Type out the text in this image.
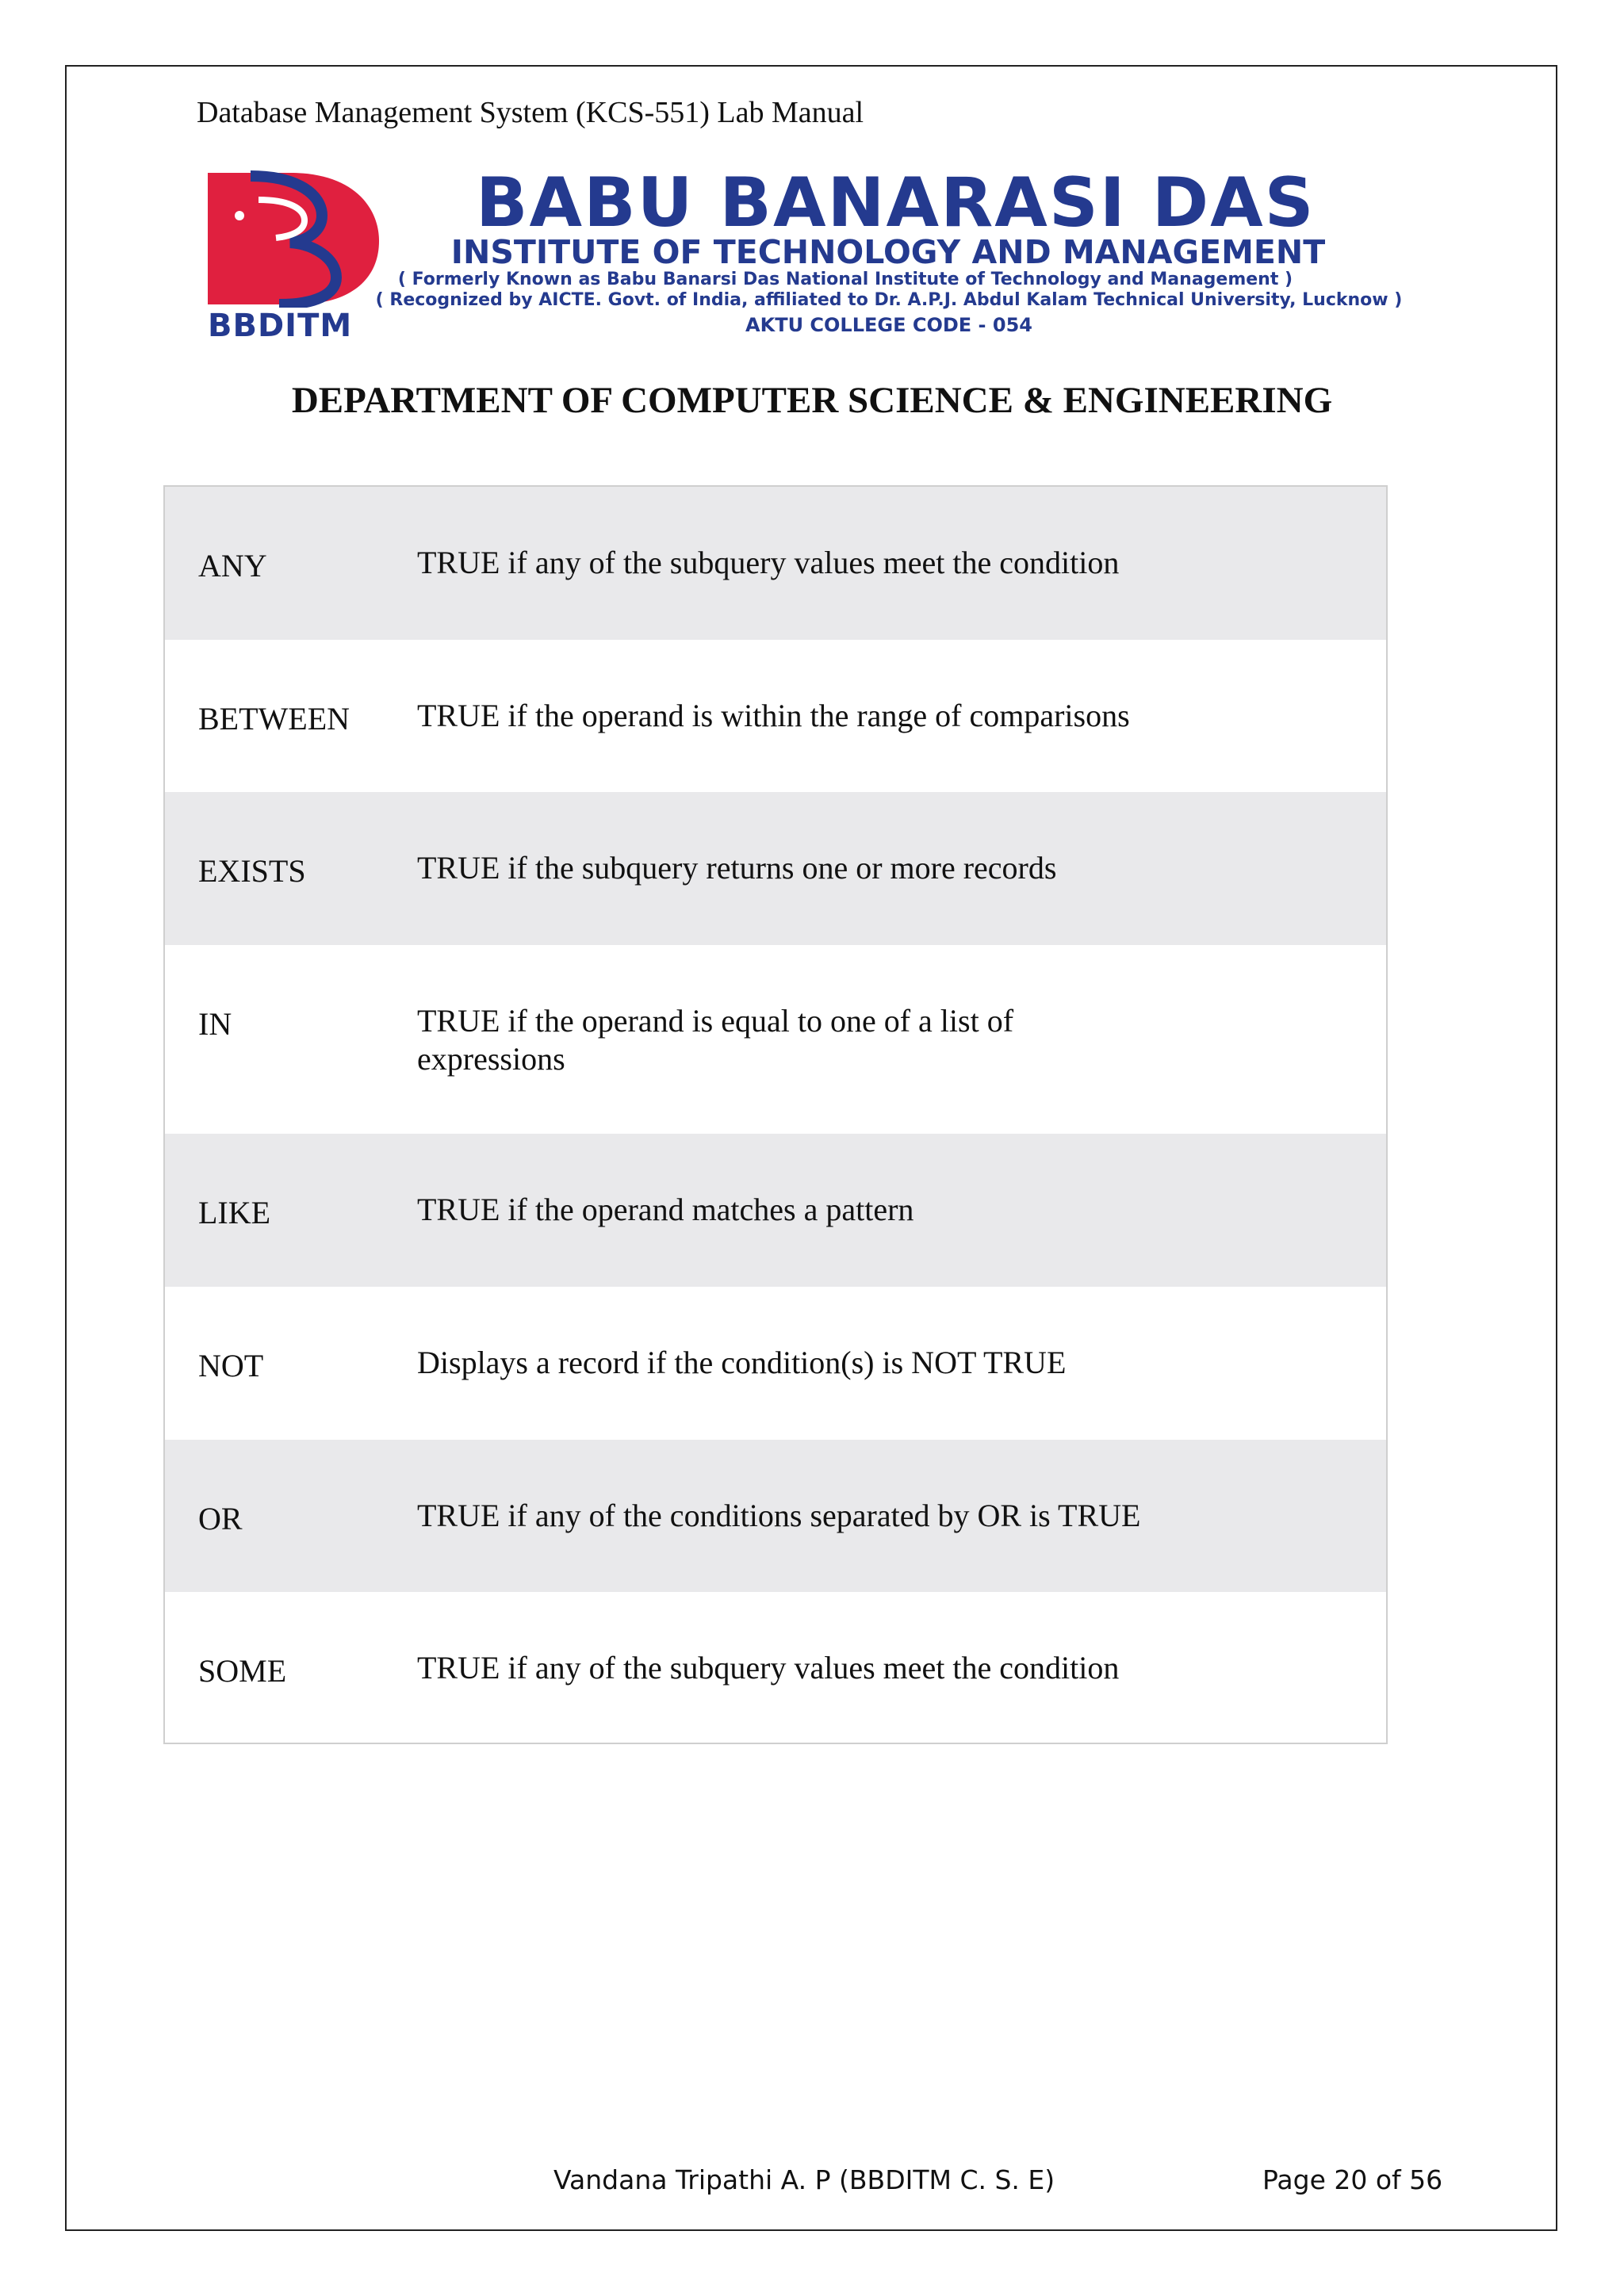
Database Management System (KCS-551) Lab Manual
BBDITM
BABU BANARASI DAS
INSTITUTE OF TECHNOLOGY AND MANAGEMENT
( Formerly Known as Babu Banarsi Das National Institute of Technology and Management )
( Recognized by AICTE. Govt. of India, affiliated to Dr. A.P.J. Abdul Kalam Technical University, Lucknow )
AKTU COLLEGE CODE - 054
DEPARTMENT OF COMPUTER SCIENCE & ENGINEERING
ANY	TRUE if any of the subquery values meet the condition
BETWEEN TRUE if the operand is within the range of comparisons
EXISTS	TRUE if the subquery returns one or more records
IN	TRUE if the operand is equal to one of a list of expressions
LIKE	TRUE if the operand matches a pattern
NOT	Displays a record if the condition(s) is NOT TRUE
OR	TRUE if any of the conditions separated by OR is TRUE
SOME	TRUE if any of the subquery values meet the condition
Vandana Tripathi A. P (BBDITM C. S. E)	Page 20 of 56
